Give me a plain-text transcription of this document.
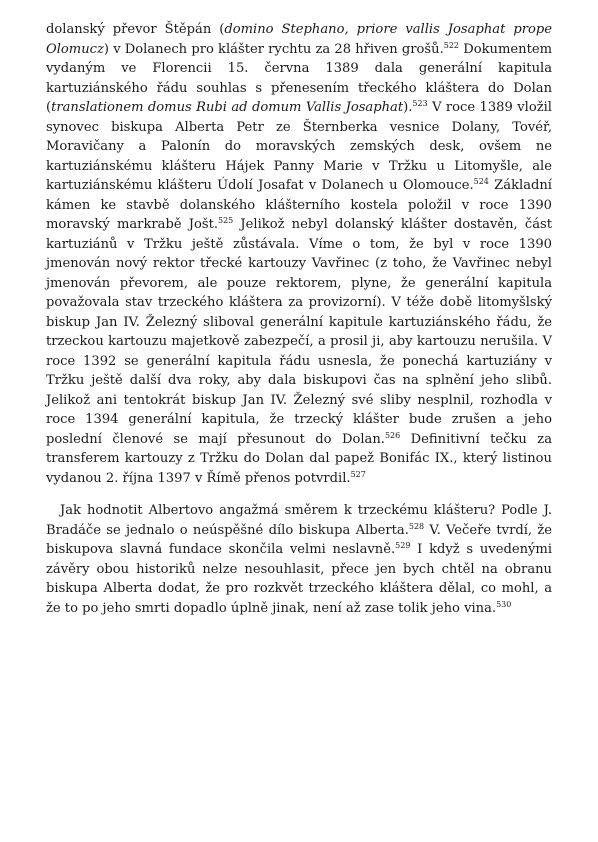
dolanský převor Štěpán (domino Stephano, priore vallis Josaphat prope Olomucz) v Dolanech pro klášter rychtu za 28 hřiven grošů.$^{522}$ Dokumentem vydaným ve Florencii 15. června 1389 dala generální kapitula kartuziánského řádu souhlas s přenesením třeckého kláštera do Dolan (translationem domus Rubi ad domum Vallis Josaphat).$^{523}$ V roce 1389 vložil synovec biskupa Alberta Petr ze Šternberka vesnice Dolany, Tovéř, Moravičany a Palonín do moravských zemských desk, ovšem ne kartuziánskému klášteru Hájek Panny Marie v Tržku u Litomyšle, ale kartuziánskému klášteru Údolí Josafat v Dolanech u Olomouce.$^{524}$ Základní kámen ke stavbě dolanského klášterního kostela položil v roce 1390 moravský markrabě Jošt.$^{525}$ Jelikož nebyl dolanský klášter dostavěn, část kartuziánů v Tržku ještě zůstávala. Víme o tom, že byl v roce 1390 jmenován nový rektor třecké kartouzy Vavřinec (z toho, že Vavřinec nebyl jmenován převorem, ale pouze rektorem, plyne, že generální kapitula považovala stav trzeckého kláštera za provizorní). V téže době litomyšlský biskup Jan IV. Železný sliboval generální kapitule kartuziánského řádu, že trzeckou kartouzu majetkově zabezpečí, a prosil ji, aby kartouzu nerušila. V roce 1392 se generální kapitula řádu usnesla, že ponechá kartuziány v Tržku ještě další dva roky, aby dala biskupovi čas na splnění jeho slibů. Jelikož ani tentokrát biskup Jan IV. Železný své sliby nesplnil, rozhodla v roce 1394 generální kapitula, že trzecký klášter bude zrušen a jeho poslední členové se mají přesunout do Dolan.$^{526}$ Definitivní tečku za transferem kartouzy z Tržku do Dolan dal papež Bonifác IX., který listinou vydanou 2. října 1397 v Římě přenos potvrdil.$^{527}$

Jak hodnotit Albertovo angažmá směrem k trzeckému klášteru? Podle J. Bradáče se jednalo o neúspěšné dílo biskupa Alberta.$^{528}$ V. Večeře tvrdí, že biskupova slavná fundace skončila velmi neslavně.$^{529}$ I když s uvedenými závěry obou historiků nelze nesouhlasit, přece jen bych chtěl na obranu biskupa Alberta dodat, že pro rozkvět trzeckého kláštera dělal, co mohl, a že to po jeho smrti dopadlo úplně jinak, není až zase tolik jeho vina.$^{530}$
